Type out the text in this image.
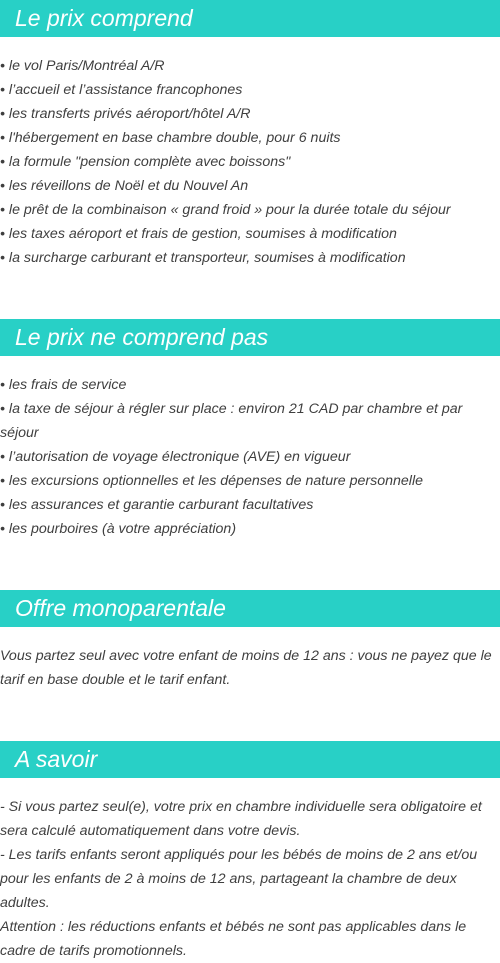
Le prix comprend
• le vol Paris/Montréal A/R
• l’accueil et l’assistance francophones
• les transferts privés aéroport/hôtel A/R
• l'hébergement en base chambre double, pour 6 nuits
• la formule "pension complète avec boissons"
• les réveillons de Noël et du Nouvel An
• le prêt de la combinaison « grand froid » pour la durée totale du séjour
• les taxes aéroport et frais de gestion, soumises à modification
• la surcharge carburant et transporteur, soumises à modification
Le prix ne comprend pas
• les frais de service
• la taxe de séjour à régler sur place : environ 21 CAD par chambre et par séjour
• l’autorisation de voyage électronique (AVE) en vigueur
• les excursions optionnelles et les dépenses de nature personnelle
• les assurances et garantie carburant facultatives
• les pourboires (à votre appréciation)
Offre monoparentale

Vous partez seul avec votre enfant de moins de 12 ans : vous ne payez que le tarif en base double et le tarif enfant.

A savoir

- Si vous partez seul(e), votre prix en chambre individuelle sera obligatoire et sera calculé automatiquement dans votre devis.

- Les tarifs enfants seront appliqués pour les bébés de moins de 2 ans et/ou pour les enfants de 2 à moins de 12 ans, partageant la chambre de deux adultes.

Attention : les réductions enfants et bébés ne sont pas applicables dans le cadre de tarifs promotionnels.
